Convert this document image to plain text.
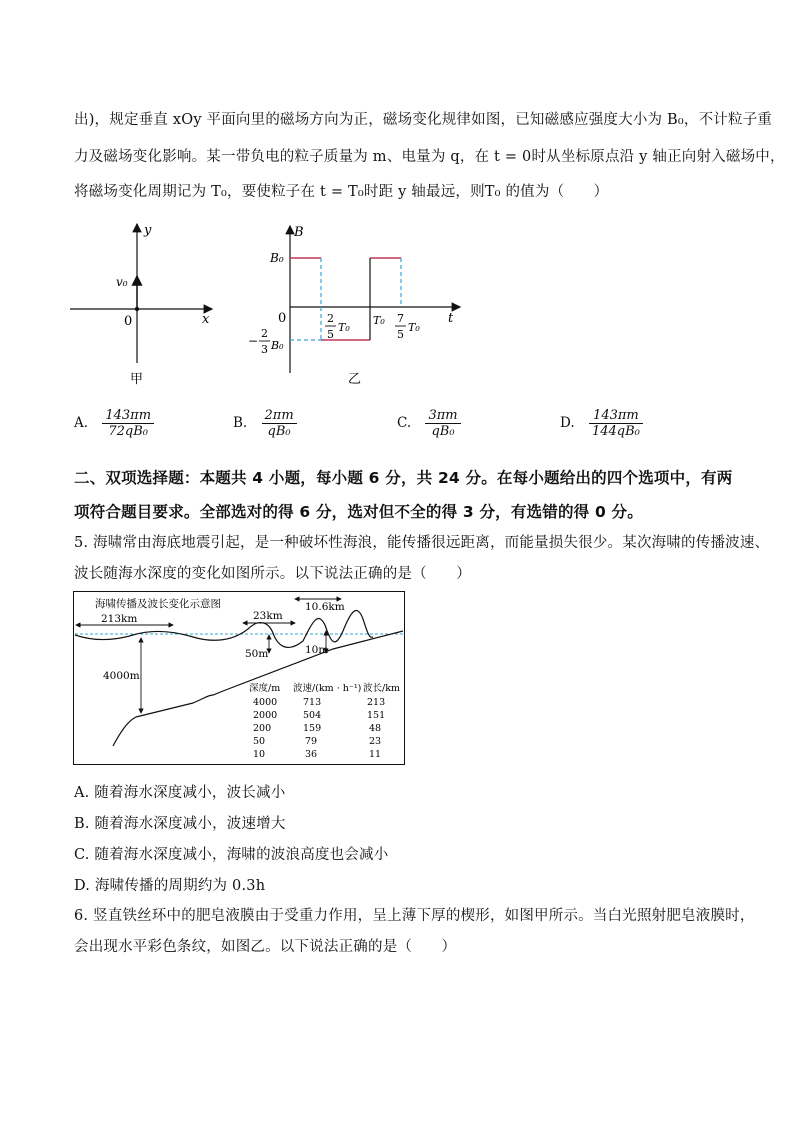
出)，规定垂直 xOy 平面向里的磁场方向为正，磁场变化规律如图，已知磁感应强度大小为 B₀，不计粒子重
力及磁场变化影响。某一带负电的粒子质量为 m、电量为 q，在 t = 0时从坐标原点沿 y 轴正向射入磁场中，
将磁场变化周期记为 T₀，要使粒子在 t = T₀时距 y 轴最远，则T₀ 的值为（　　）
y
x
0
v₀
甲
B
t
0
B₀
−
2
3 B₀
2
5
T₀
T₀ 7
5
T₀
乙
A. $\frac{143\pi m}{\text{72qB₀}}$	B. $\frac{2\pi m}{\text{qB₀}}$	C. $\frac{3\pi m}{\text{qB₀}}$	D. $\frac{143\pi m}{\text{144qB₀}}$
二、双项选择题：本题共 4 小题，每小题 6 分，共 24 分。在每小题给出的四个选项中，有两
项符合题目要求。全部选对的得 6 分，选对但不全的得 3 分，有选错的得 0 分。
5. 海啸常由海底地震引起，是一种破坏性海浪，能传播很远距离，而能量损失很少。某次海啸的传播波速、
波长随海水深度的变化如图所示。以下说法正确的是（　　）
海啸传播及波长变化示意图
213km	23km
10.6km
50m	10m
4000m
深度/m 波速/(km · h⁻¹) 波长/km
4000	713	213
2000	504	151
200	159	48
50	79	23
10	36	11
A. 随着海水深度减小，波长减小
B. 随着海水深度减小，波速增大
C. 随着海水深度减小，海啸的波浪高度也会减小
D. 海啸传播的周期约为 0.3h
6. 竖直铁丝环中的肥皂液膜由于受重力作用，呈上薄下厚的楔形，如图甲所示。当白光照射肥皂液膜时，
会出现水平彩色条纹，如图乙。以下说法正确的是（　　）
